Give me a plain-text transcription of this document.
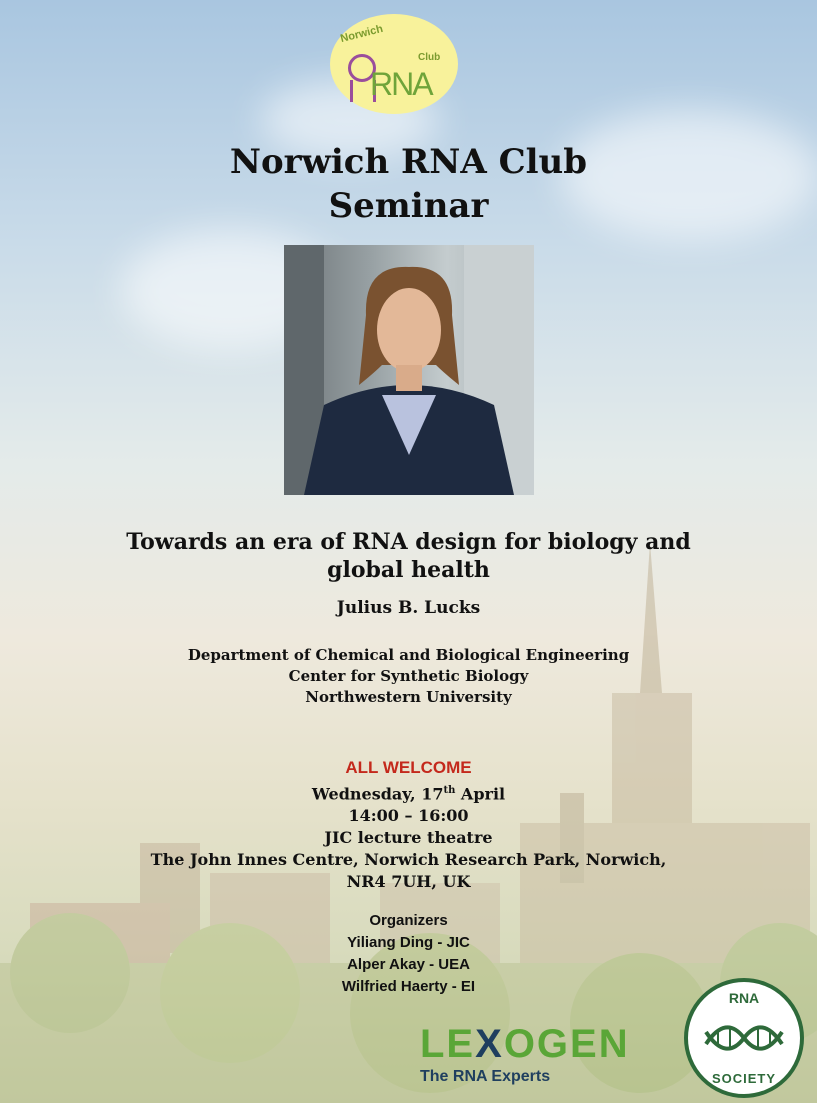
Norwich
Club
RNA
Norwich RNA Club
Seminar
Towards an era of RNA design for biology and
global health
Julius B. Lucks
Department of Chemical and Biological Engineering
Center for Synthetic Biology
Northwestern University
ALL WELCOME
Wednesday, 17th April
14:00 – 16:00
JIC lecture theatre
The John Innes Centre, Norwich Research Park, Norwich,
NR4 7UH, UK
Organizers
Yiliang Ding - JIC
Alper Akay - UEA
Wilfried Haerty - EI
LEXOGEN
The RNA Experts
RNA
SOCIETY
